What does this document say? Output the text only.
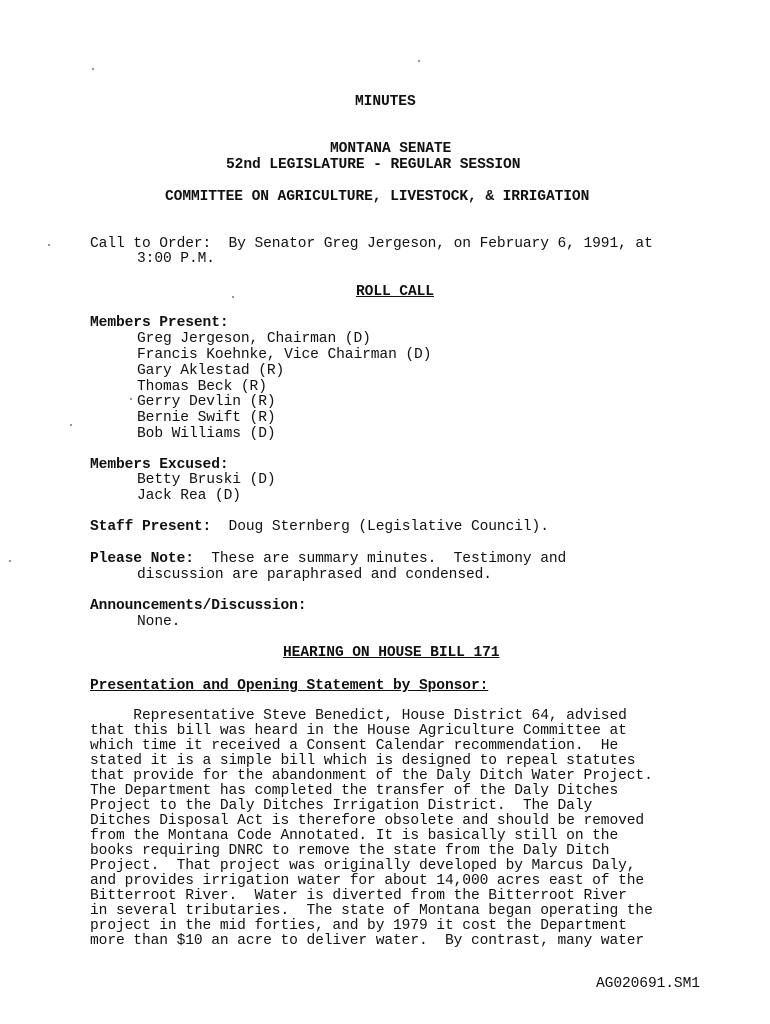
MINUTES
MONTANA SENATE
52nd LEGISLATURE - REGULAR SESSION
COMMITTEE ON AGRICULTURE, LIVESTOCK, & IRRIGATION
Call to Order:  By Senator Greg Jergeson, on February 6, 1991, at
3:00 P.M.
ROLL CALL
Members Present:
Greg Jergeson, Chairman (D)
Francis Koehnke, Vice Chairman (D)
Gary Aklestad (R)
Thomas Beck (R)
Gerry Devlin (R)
Bernie Swift (R)
Bob Williams (D)
Members Excused:
Betty Bruski (D)
Jack Rea (D)
Staff Present:  Doug Sternberg (Legislative Council).
Please Note:  These are summary minutes.  Testimony and
discussion are paraphrased and condensed.
Announcements/Discussion:
None.
HEARING ON HOUSE BILL 171
Presentation and Opening Statement by Sponsor:
Representative Steve Benedict, House District 64, advised
that this bill was heard in the House Agriculture Committee at
which time it received a Consent Calendar recommendation.  He
stated it is a simple bill which is designed to repeal statutes
that provide for the abandonment of the Daly Ditch Water Project.
The Department has completed the transfer of the Daly Ditches
Project to the Daly Ditches Irrigation District.  The Daly
Ditches Disposal Act is therefore obsolete and should be removed
from the Montana Code Annotated. It is basically still on the
books requiring DNRC to remove the state from the Daly Ditch
Project.  That project was originally developed by Marcus Daly,
and provides irrigation water for about 14,000 acres east of the
Bitterroot River.  Water is diverted from the Bitterroot River
in several tributaries.  The state of Montana began operating the
project in the mid forties, and by 1979 it cost the Department
more than $10 an acre to deliver water.  By contrast, many water
AG020691.SM1
